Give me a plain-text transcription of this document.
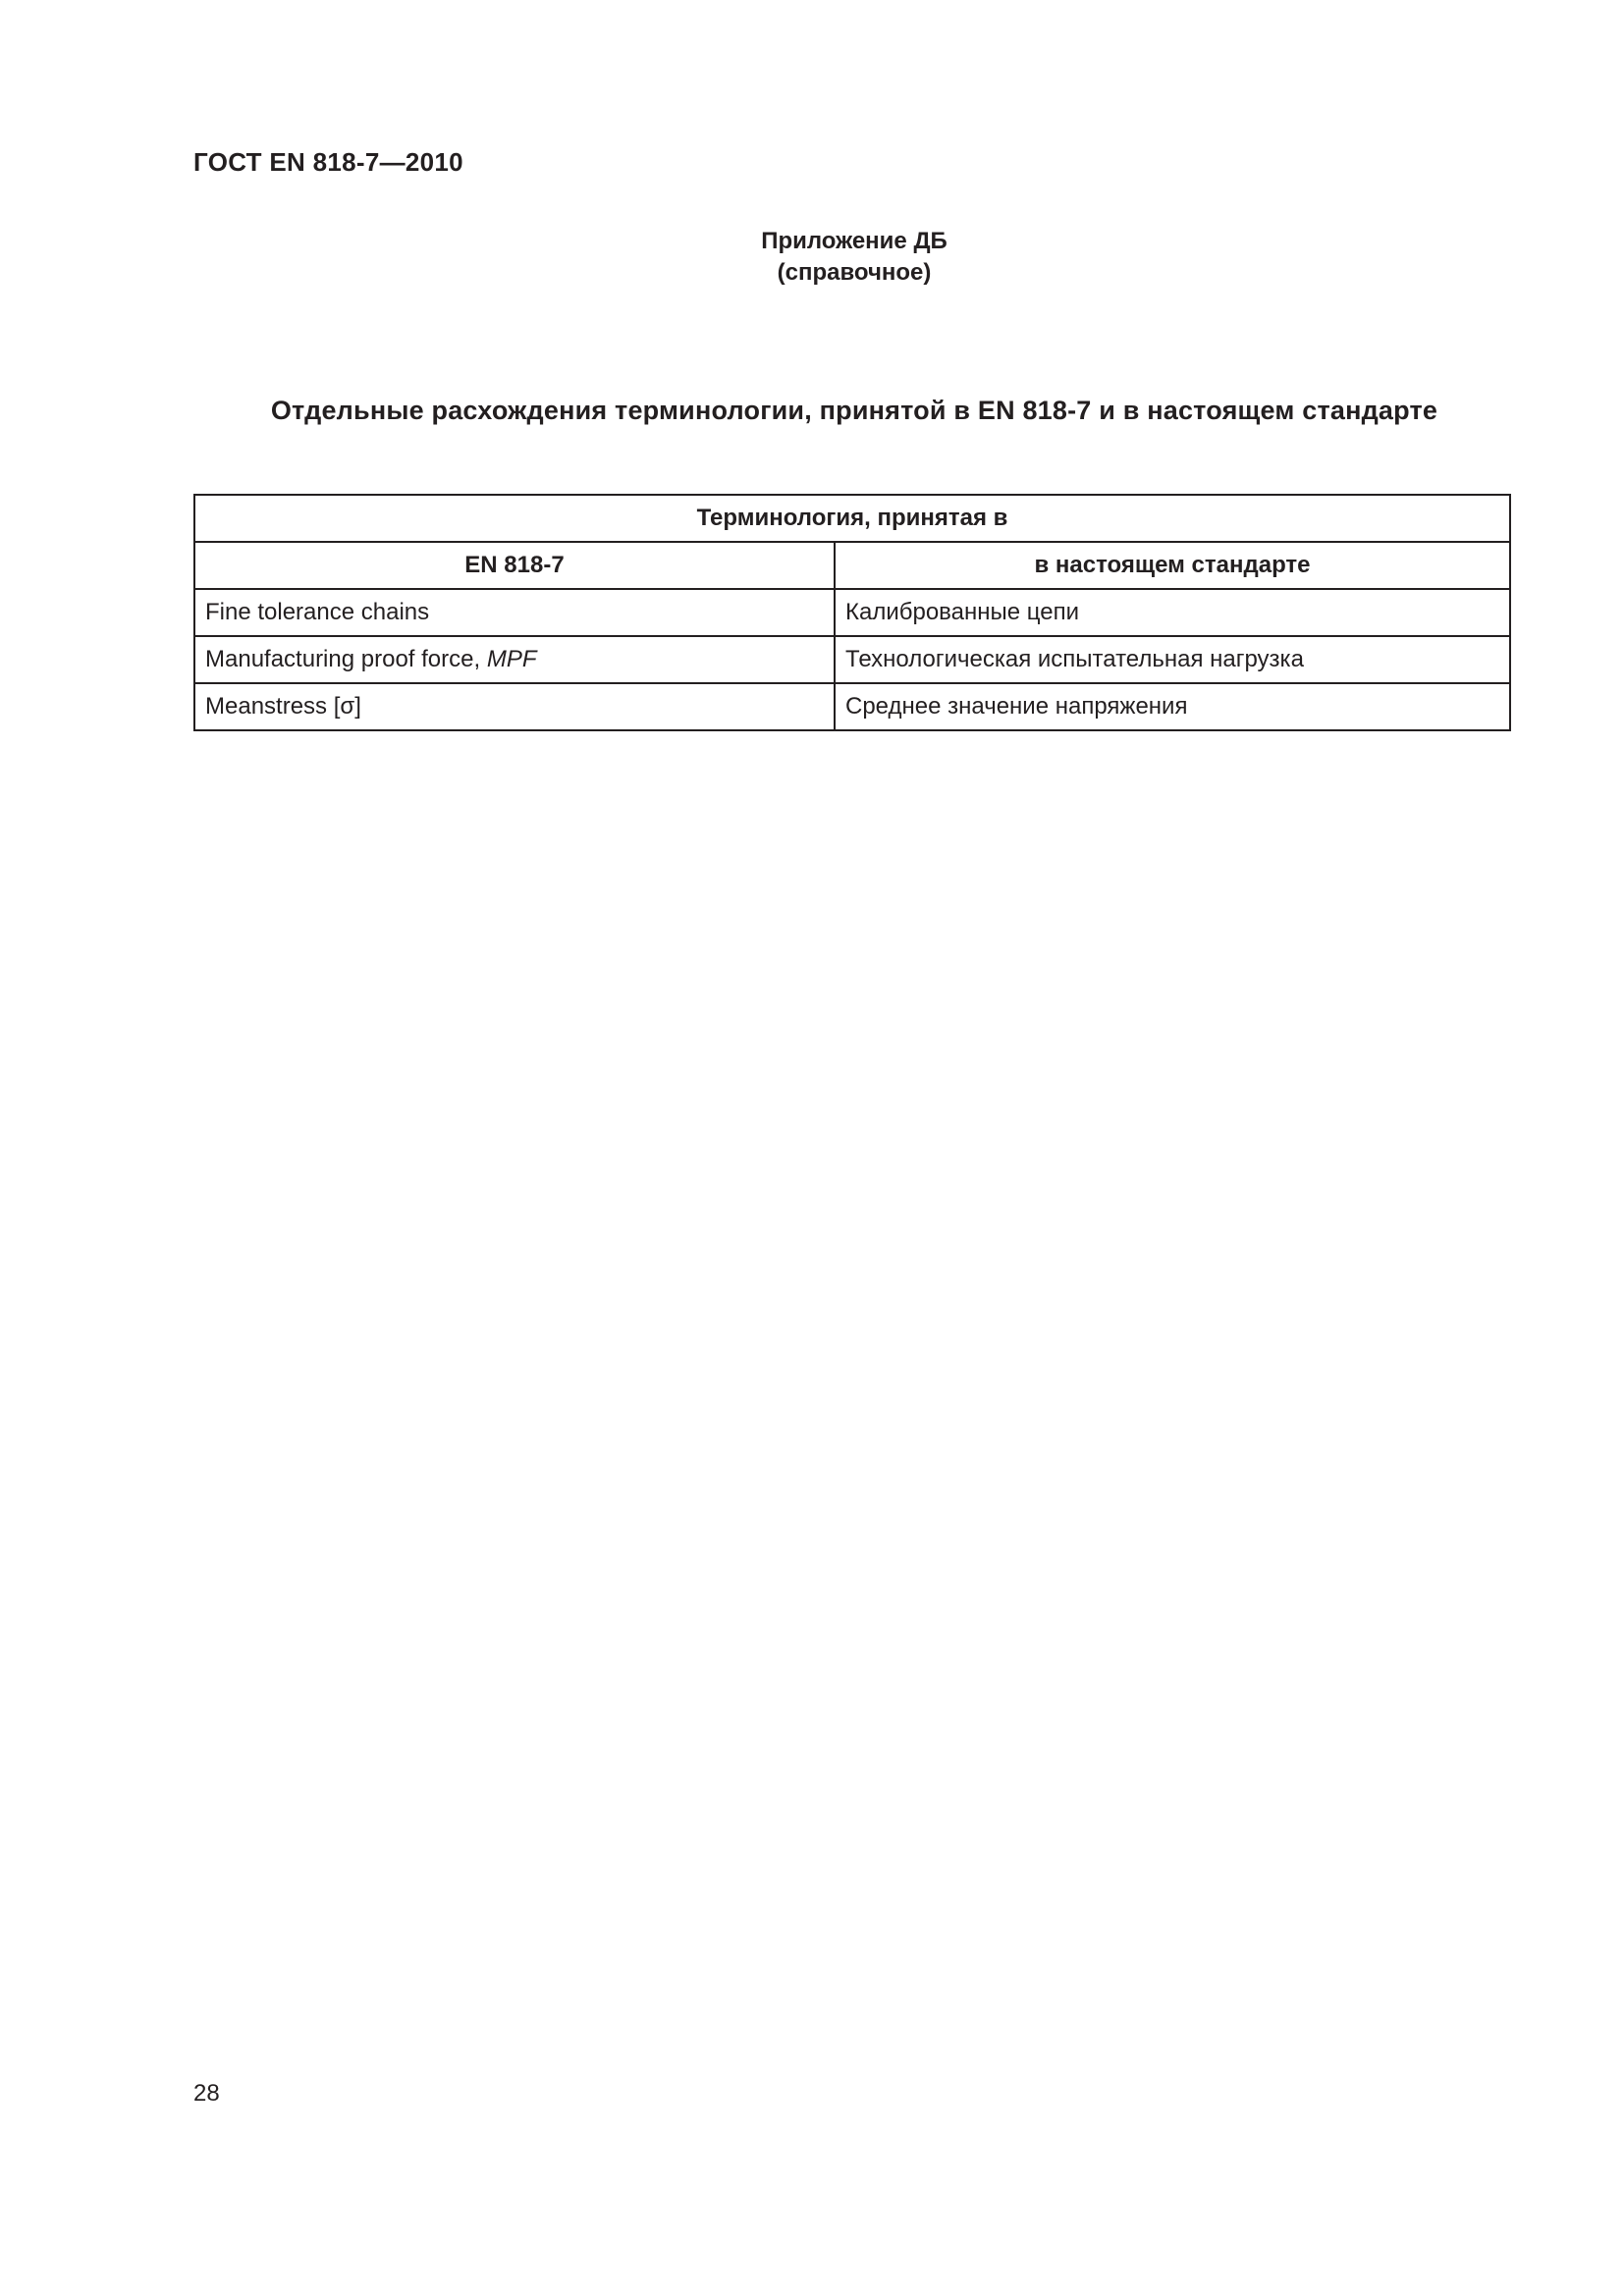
ГОСТ EN 818-7—2010
Приложение ДБ
(справочное)
Отдельные расхождения терминологии, принятой в EN 818-7 и в настоящем стандарте
Терминология, принятая в	
EN 818-7	в настоящем стандарте
Fine tolerance chains	Калиброванные цепи
Manufacturing proof force, MPF	Технологическая испытательная нагрузка
Meanstress [σ]	Среднее значение напряжения
28
